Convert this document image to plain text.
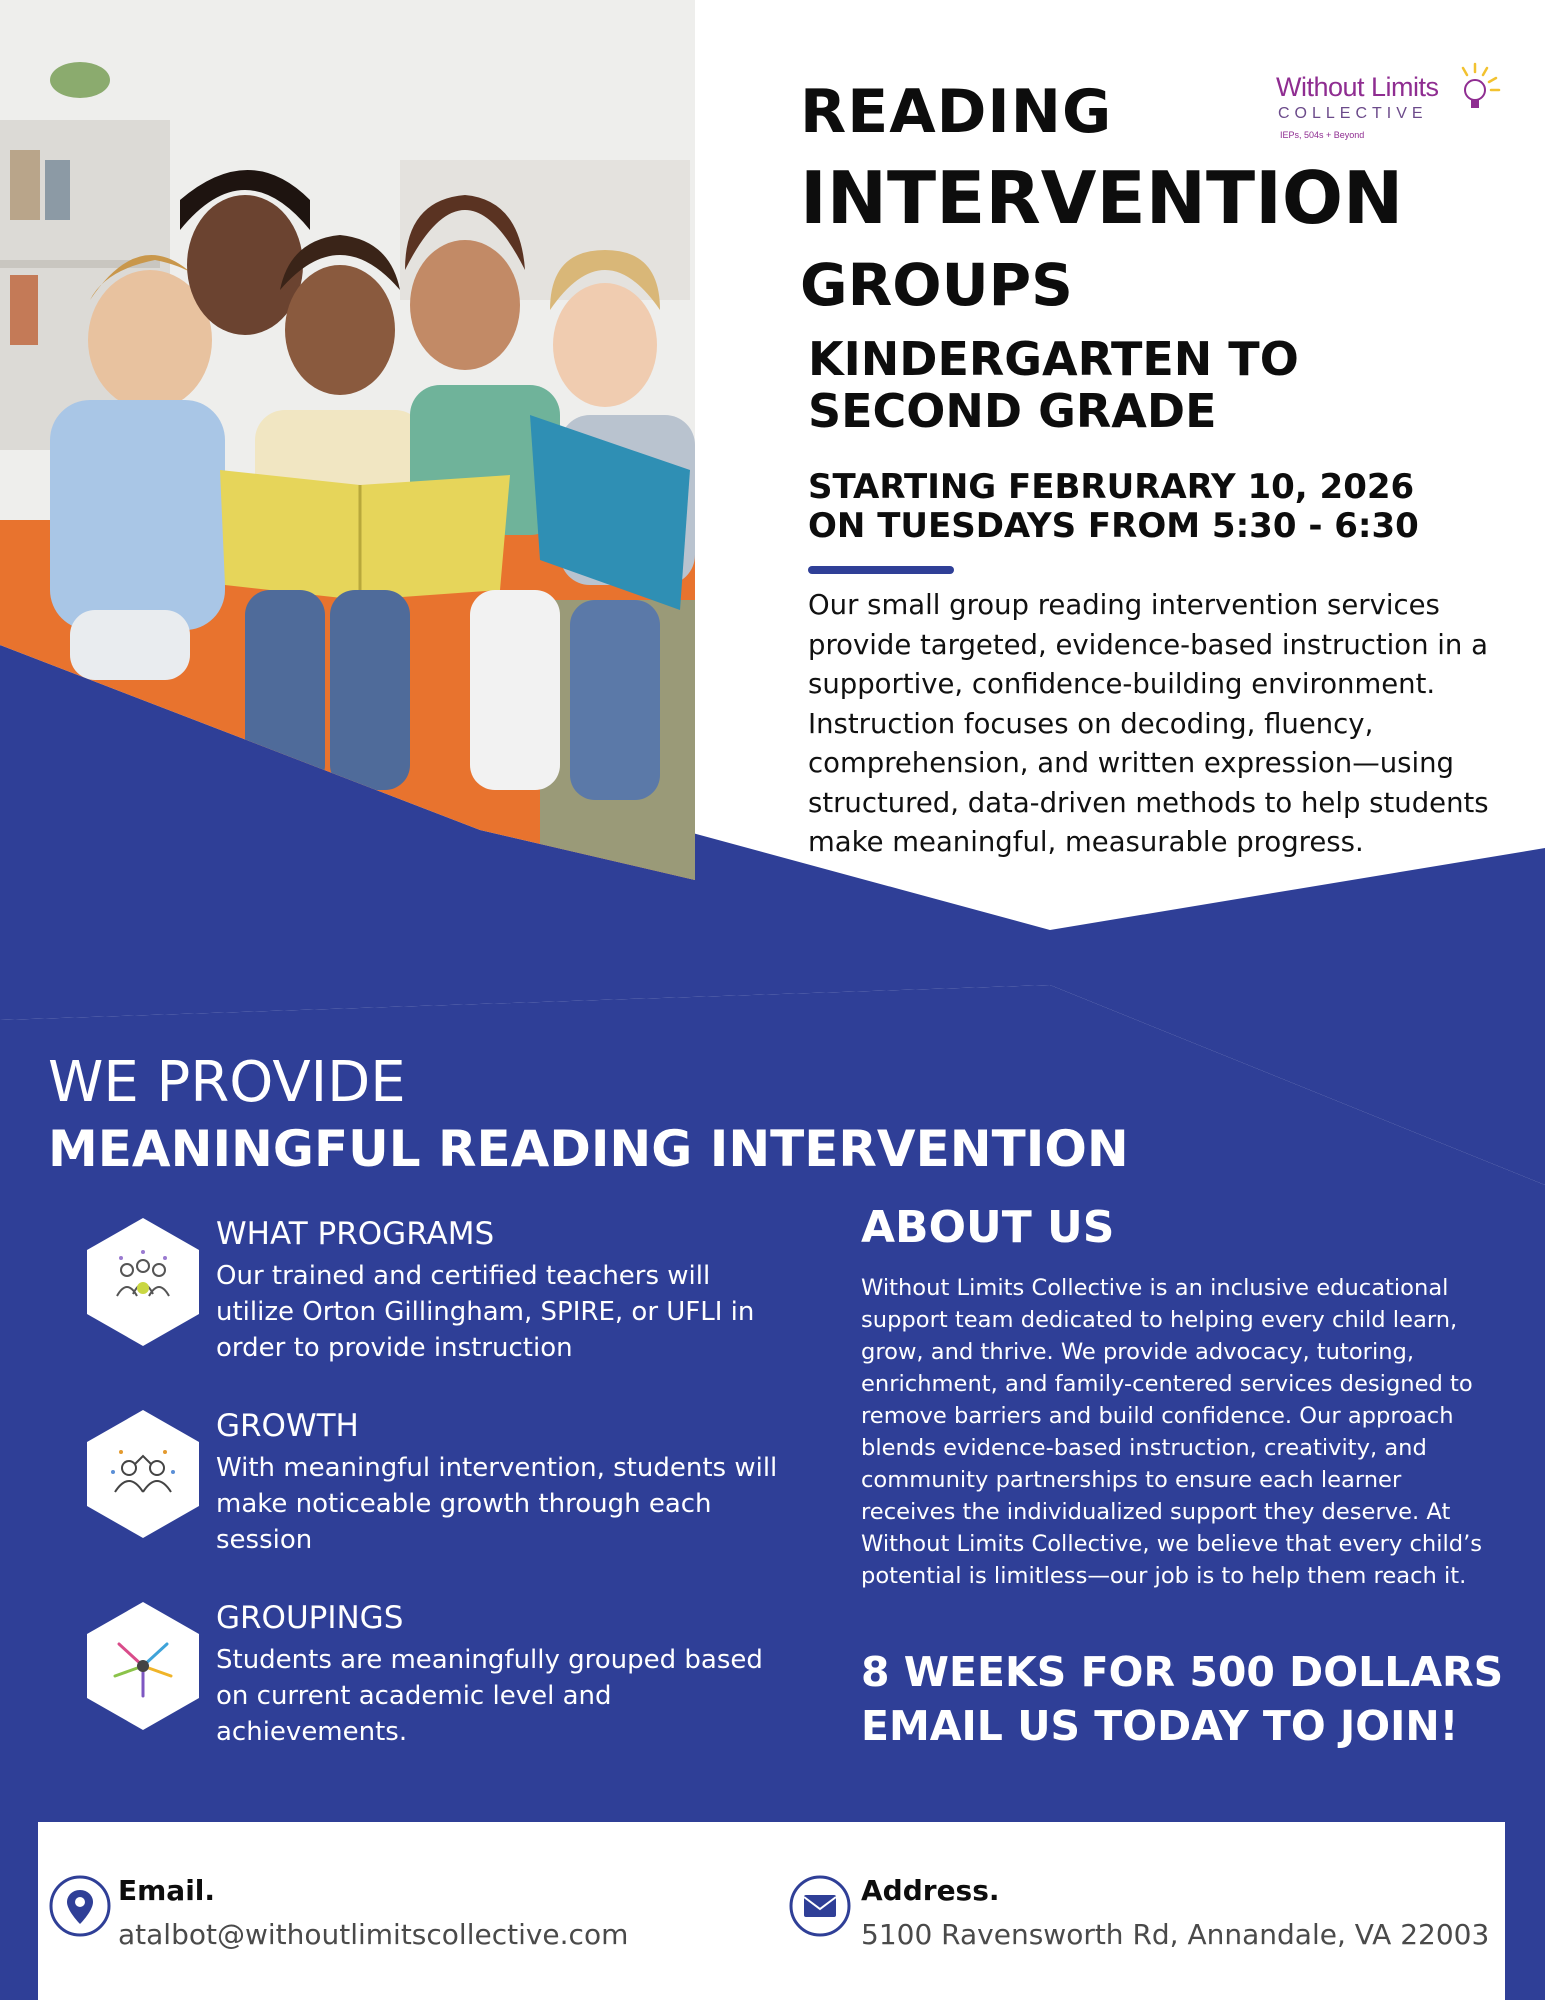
Without Limits
COLLECTIVE
IEPs, 504s + Beyond
READING
INTERVENTION
GROUPS
KINDERGARTEN TO
SECOND GRADE
STARTING FEBRURARY 10, 2026
ON TUESDAYS FROM 5:30 - 6:30
Our small group reading intervention services provide targeted, evidence-based instruction in a supportive, confidence-building environment. Instruction focuses on decoding, fluency, comprehension, and written expression—using structured, data-driven methods to help students make meaningful, measurable progress.
WE PROVIDE
MEANINGFUL READING INTERVENTION
WHAT PROGRAMS
Our trained and certified teachers will utilize Orton Gillingham, SPIRE, or UFLI in order to provide instruction
GROWTH
With meaningful intervention, students will make noticeable growth through each session
GROUPINGS
Students are meaningfully grouped based on current academic level and achievements.
ABOUT US
Without Limits Collective is an inclusive educational support team dedicated to helping every child learn, grow, and thrive. We provide advocacy, tutoring, enrichment, and family-centered services designed to remove barriers and build confidence. Our approach blends evidence-based instruction, creativity, and community partnerships to ensure each learner receives the individualized support they deserve. At Without Limits Collective, we believe that every child’s potential is limitless—our job is to help them reach it.
8 WEEKS FOR 500 DOLLARS
EMAIL US TODAY TO JOIN!
Email.
atalbot@withoutlimitscollective.com
Address.
5100 Ravensworth Rd, Annandale, VA 22003
